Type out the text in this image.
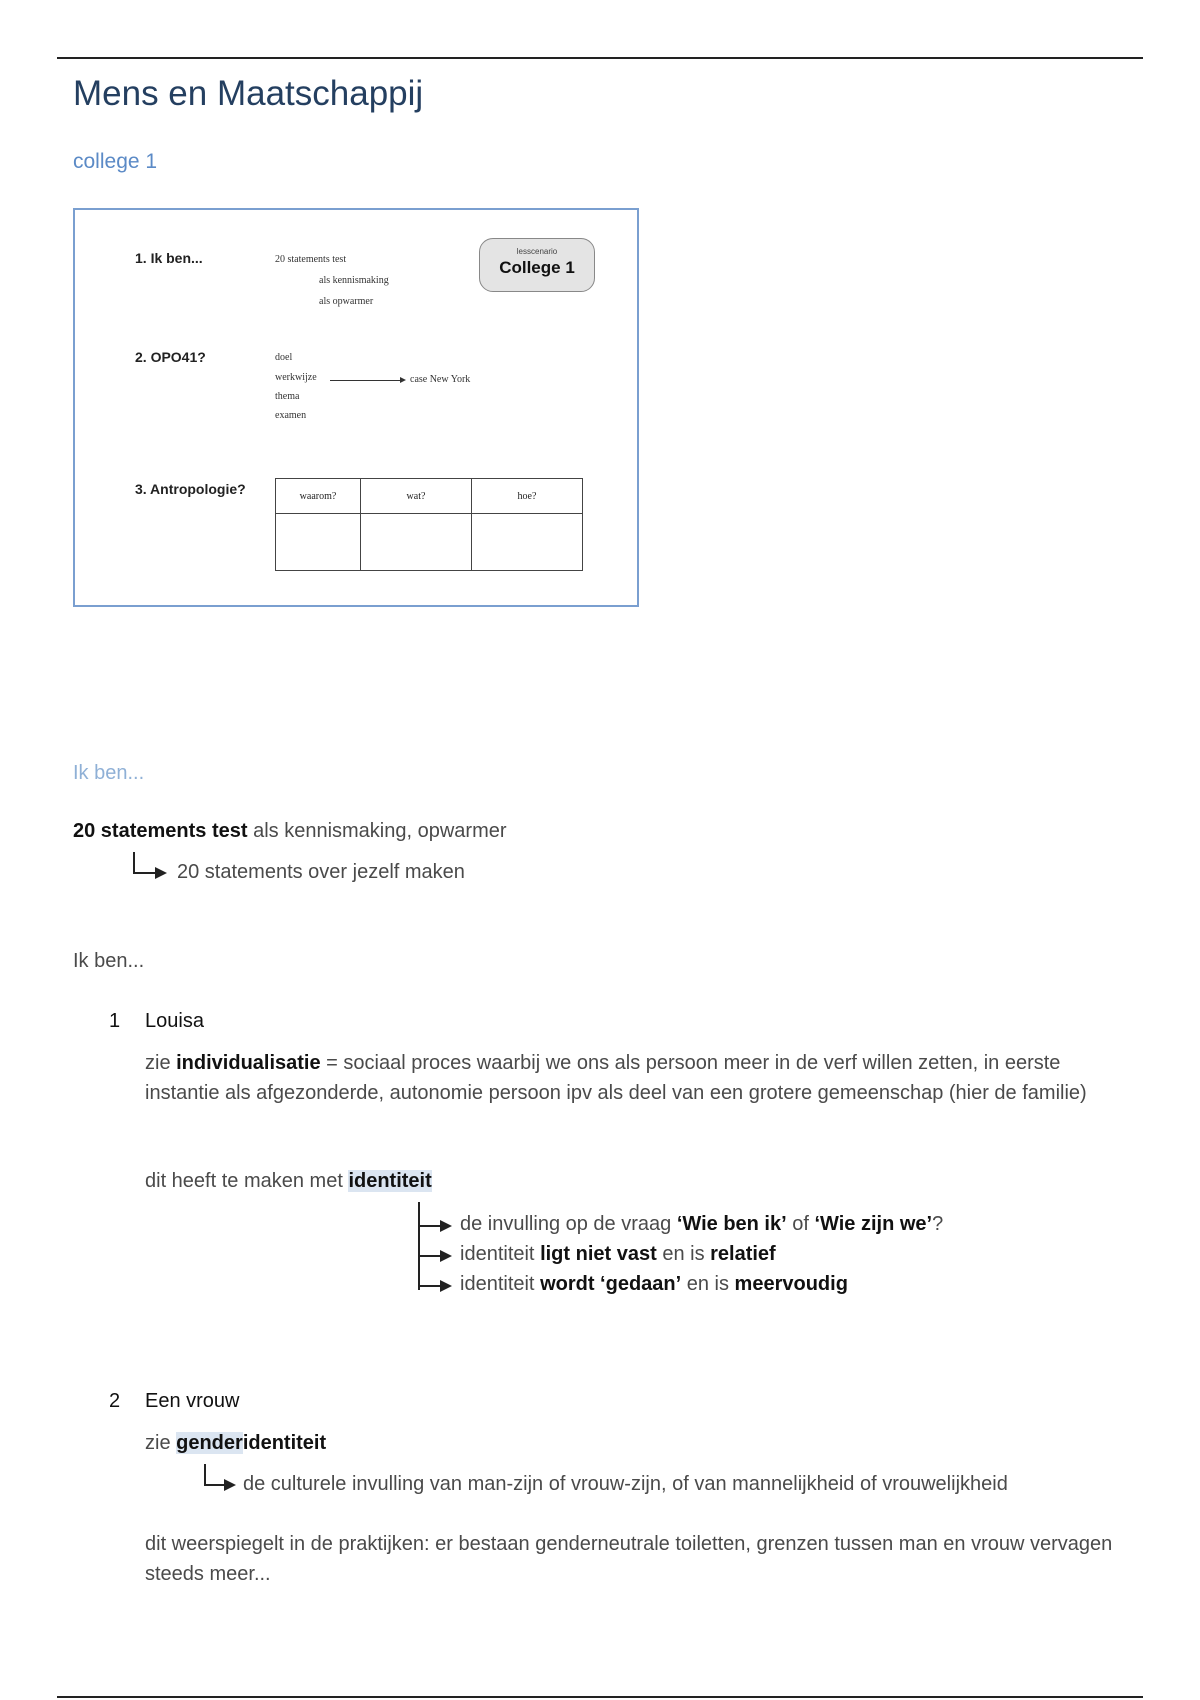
Mens en Maatschappij
college 1
1. Ik ben...	20 statements test
als kennismaking
als opwarmer
lesscenario
College 1
2. OPO41?	doel
werkwijze
thema
examen
case New York
3. Antropologie?	waarom?	wat?	hoe?

Ik ben...
20 statements test als kennismaking, opwarmer
20 statements over jezelf maken
Ik ben...
1 Louisa
zie individualisatie = sociaal proces waarbij we ons als persoon meer in de verf willen zetten, in eerste instantie als afgezonderde, autonomie persoon ipv als deel van een grotere gemeenschap (hier de familie)
dit heeft te maken met identiteit
de invulling op de vraag ‘Wie ben ik’ of ‘Wie zijn we’?
identiteit ligt niet vast en is relatief
identiteit wordt ‘gedaan’ en is meervoudig
2 Een vrouw
zie genderidentiteit
de culturele invulling van man-zijn of vrouw-zijn, of van mannelijkheid of vrouwelijkheid
dit weerspiegelt in de praktijken: er bestaan genderneutrale toiletten, grenzen tussen man en vrouw vervagen steeds meer...
